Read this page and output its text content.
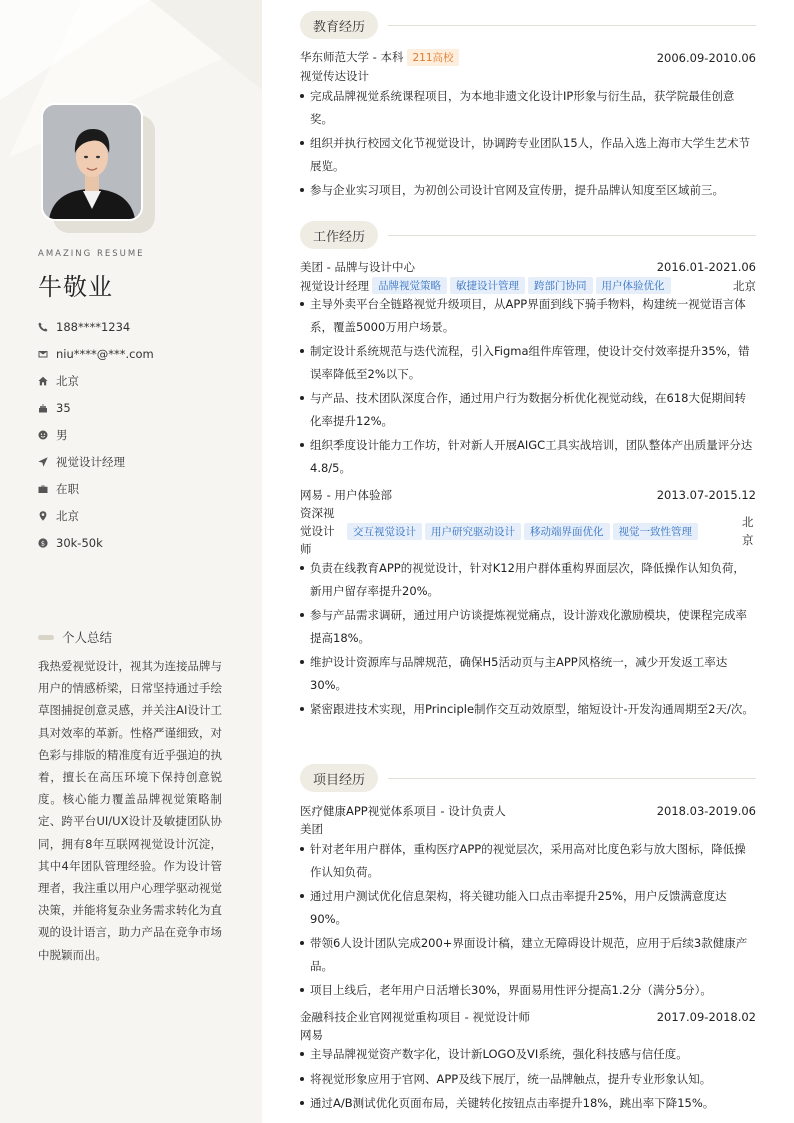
AMAZING RESUME
牛敬业
188****1234
niu****@***.com
北京
35
男
视觉设计经理
在职
北京
$ 30k-50k
个人总结

我热爱视觉设计，视其为连接品牌与用户的情感桥梁，日常坚持通过手绘草图捕捉创意灵感，并关注AI设计工具对效率的革新。性格严谨细致，对色彩与排版的精准度有近乎强迫的执着，擅长在高压环境下保持创意锐度。核心能力覆盖品牌视觉策略制定、跨平台UI/UX设计及敏捷团队协同，拥有8年互联网视觉设计沉淀，其中4年团队管理经验。作为设计管理者，我注重以用户心理学驱动视觉决策，并能将复杂业务需求转化为直观的设计语言，助力产品在竞争市场中脱颖而出。

教育经历
华东师范大学 - 本科 211高校	2006.09-2010.06
视觉传达设计
完成品牌视觉系统课程项目，为本地非遗文化设计IP形象与衍生品，获学院最佳创意奖。
组织并执行校园文化节视觉设计，协调跨专业团队15人，作品入选上海市大学生艺术节展览。
参与企业实习项目，为初创公司设计官网及宣传册，提升品牌认知度至区域前三。
工作经历
美团 - 品牌与设计中心	2016.01-2021.06
视觉设计经理 品牌视觉策略	敏捷设计管理	跨部门协同	用户体验优化	北京
主导外卖平台全链路视觉升级项目，从APP界面到线下骑手物料，构建统一视觉语言体系，覆盖5000万用户场景。
制定设计系统规范与迭代流程，引入Figma组件库管理，使设计交付效率提升35%，错误率降低至2%以下。
与产品、技术团队深度合作，通过用户行为数据分析优化视觉动线，在618大促期间转化率提升12%。
组织季度设计能力工作坊，针对新人开展AIGC工具实战培训，团队整体产出质量评分达4.8/5。
网易 - 用户体验部	2013.07-2015.12
资深视觉设计师
交互视觉设计	用户研究驱动设计	移动端界面优化	视觉一致性管理
北京
负责在线教育APP的视觉设计，针对K12用户群体重构界面层次，降低操作认知负荷，新用户留存率提升20%。
参与产品需求调研，通过用户访谈提炼视觉痛点，设计游戏化激励模块，使课程完成率提高18%。
维护设计资源库与品牌规范，确保H5活动页与主APP风格统一，减少开发返工率达30%。
紧密跟进技术实现，用Principle制作交互动效原型，缩短设计-开发沟通周期至2天/次。
项目经历
医疗健康APP视觉体系项目 - 设计负责人	2018.03-2019.06
美团
针对老年用户群体，重构医疗APP的视觉层次，采用高对比度色彩与放大图标，降低操作认知负荷。
通过用户测试优化信息架构，将关键功能入口点击率提升25%，用户反馈满意度达90%。
带领6人设计团队完成200+界面设计稿，建立无障碍设计规范，应用于后续3款健康产品。
项目上线后，老年用户日活增长30%，界面易用性评分提高1.2分（满分5分）。
金融科技企业官网视觉重构项目 - 视觉设计师	2017.09-2018.02
网易
主导品牌视觉资产数字化，设计新LOGO及VI系统，强化科技感与信任度。
将视觉形象应用于官网、APP及线下展厅，统一品牌触点，提升专业形象认知。
通过A/B测试优化页面布局，关键转化按钮点击率提升18%，跳出率下降15%。
